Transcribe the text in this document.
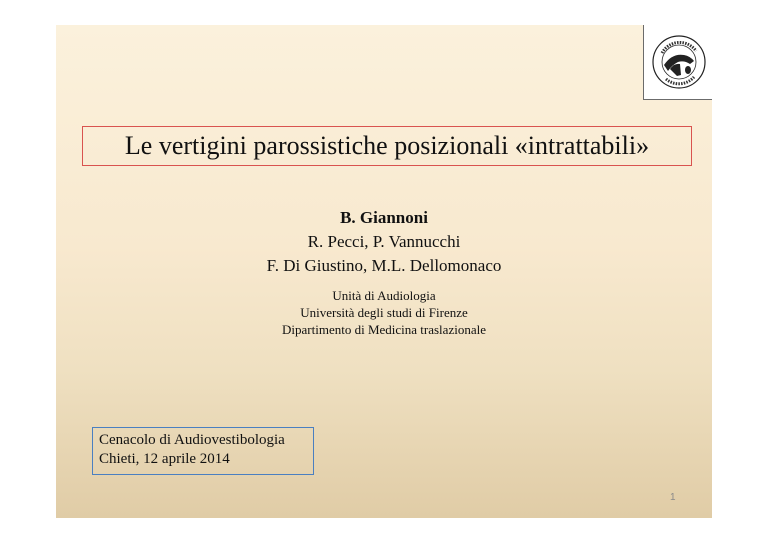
Le vertigini parossistiche posizionali «intrattabili»
B. Giannoni
R. Pecci, P. Vannucchi
F. Di Giustino, M.L. Dellomonaco
Unità di Audiologia
Università degli studi di Firenze
Dipartimento di Medicina traslazionale
Cenacolo di Audiovestibologia
Chieti, 12 aprile 2014
1
